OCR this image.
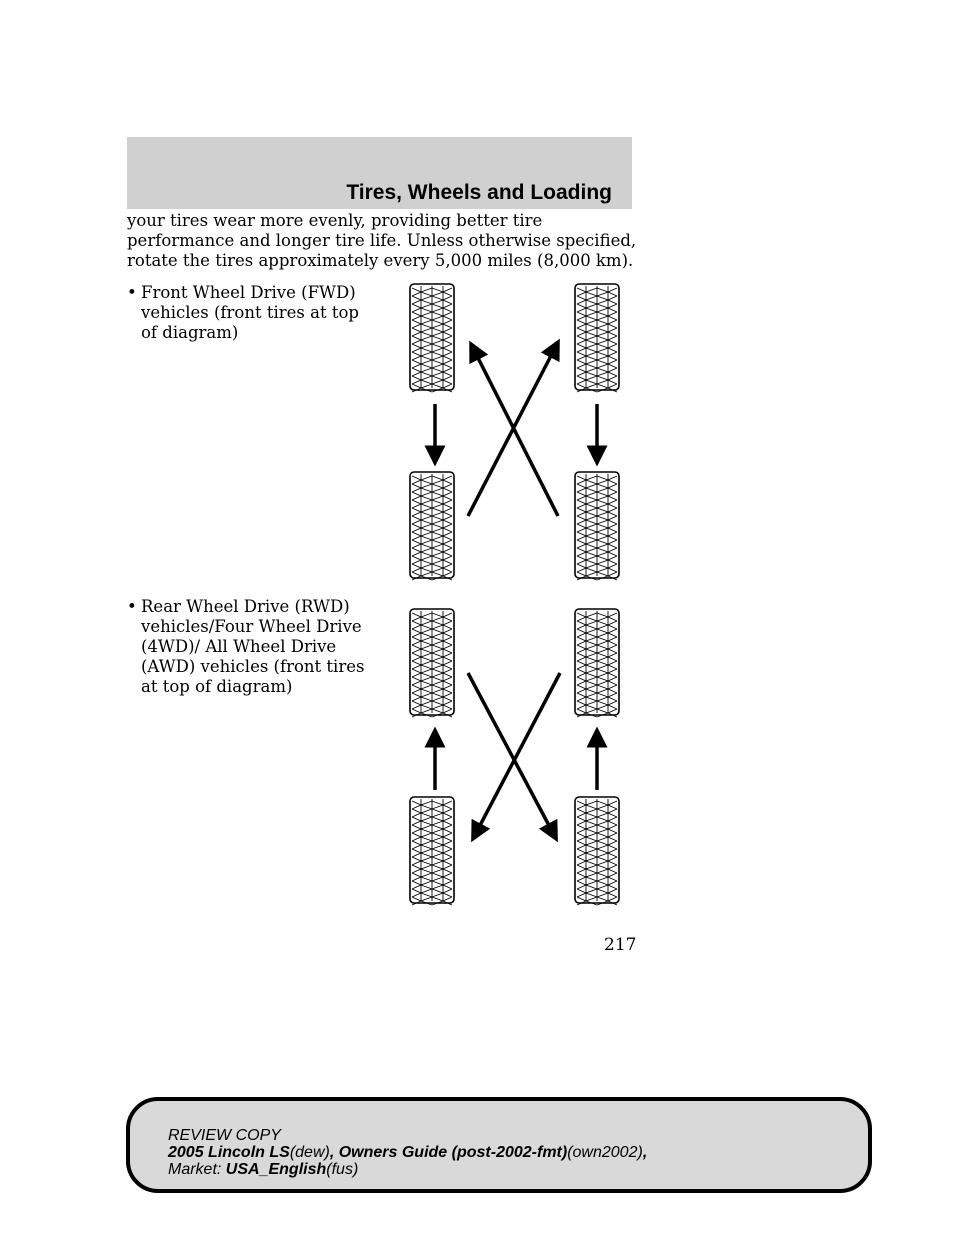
Tires, Wheels and Loading

your tires wear more evenly, providing better tire performance and longer tire life. Unless otherwise specified, rotate the tires approximately every 5,000 miles (8,000 km).

• Front Wheel Drive (FWD) vehicles (front tires at top of diagram)
• Rear Wheel Drive (RWD) vehicles/Four Wheel Drive (4WD)/ All Wheel Drive (AWD) vehicles (front tires at top of diagram)

217

REVIEW COPY
2005 Lincoln LS(dew), Owners Guide (post-2002-fmt)(own2002),
Market: USA_English(fus)
